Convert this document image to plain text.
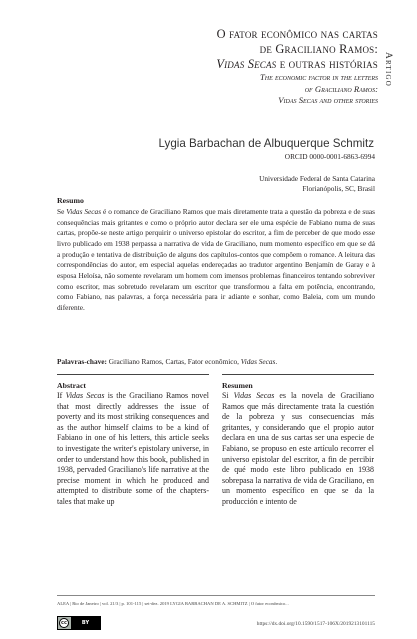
O fator econômico nas cartas
de Graciliano Ramos:
Vidas Secas e outras histórias
The economic factor in the letters
of Graciliano Ramos:
Vidas Secas and other stories
Artigo
Lygia Barbachan de Albuquerque Schmitz
ORCID 0000-0001-6863-6994
Universidade Federal de Santa Catarina
Florianópolis, SC, Brasil
Resumo
Se Vidas Secas é o romance de Graciliano Ramos que mais diretamente trata a questão da pobreza e de suas consequências mais gritantes e como o próprio autor declara ser ele uma espécie de Fabiano numa de suas cartas, propõe-se neste artigo perquirir o universo epistolar do escritor, a fim de perceber de que modo esse livro publicado em 1938 perpassa a narrativa de vida de Graciliano, num momento específico em que se dá a produção e tentativa de distribuição de alguns dos capítulos-contos que compõem o romance. A leitura das correspondências do autor, em especial aquelas endereçadas ao tradutor argentino Benjamín de Garay e à esposa Heloísa, não somente revelaram um homem com imensos problemas financeiros tentando sobreviver como escritor, mas sobretudo revelaram um escritor que transformou a falta em potência, encontrando, como Fabiano, nas palavras, a força necessária para ir adiante e sonhar, como Baleia, com um mundo diferente.
Palavras-chave: Graciliano Ramos, Cartas, Fator econômico, Vidas Secas.
Abstract
If Vidas Secas is the Graciliano Ramos novel that most directly addresses the issue of poverty and its most striking consequences and as the author himself claims to be a kind of Fabiano in one of his letters, this article seeks to investigate the writer's epistolary universe, in order to understand how this book, published in 1938, pervaded Graciliano's life narrative at the precise moment in which he produced and attempted to distribute some of the chapters-tales that make up
Resumen
Si Vidas Secas es la novela de Graciliano Ramos que más directamente trata la cuestión de la pobreza y sus consecuencias más gritantes, y considerando que el propio autor declara en una de sus cartas ser una especie de Fabiano, se propuso en este artículo recorrer el universo epistolar del escritor, a fin de percibir de qué modo este libro publicado en 1938 sobrepasa la narrativa de vida de Graciliano, en un momento específico en que se da la producción e intento de
ALEA | Rio de Janeiro | vol. 21/3 | p. 101-115 | set-dez. 2019 LYGIA BARBACHAN DE A. SCHMITZ | O fator econômico...
cc	BY	https://dx.doi.org/10.1590/1517-106X/2019213101115
